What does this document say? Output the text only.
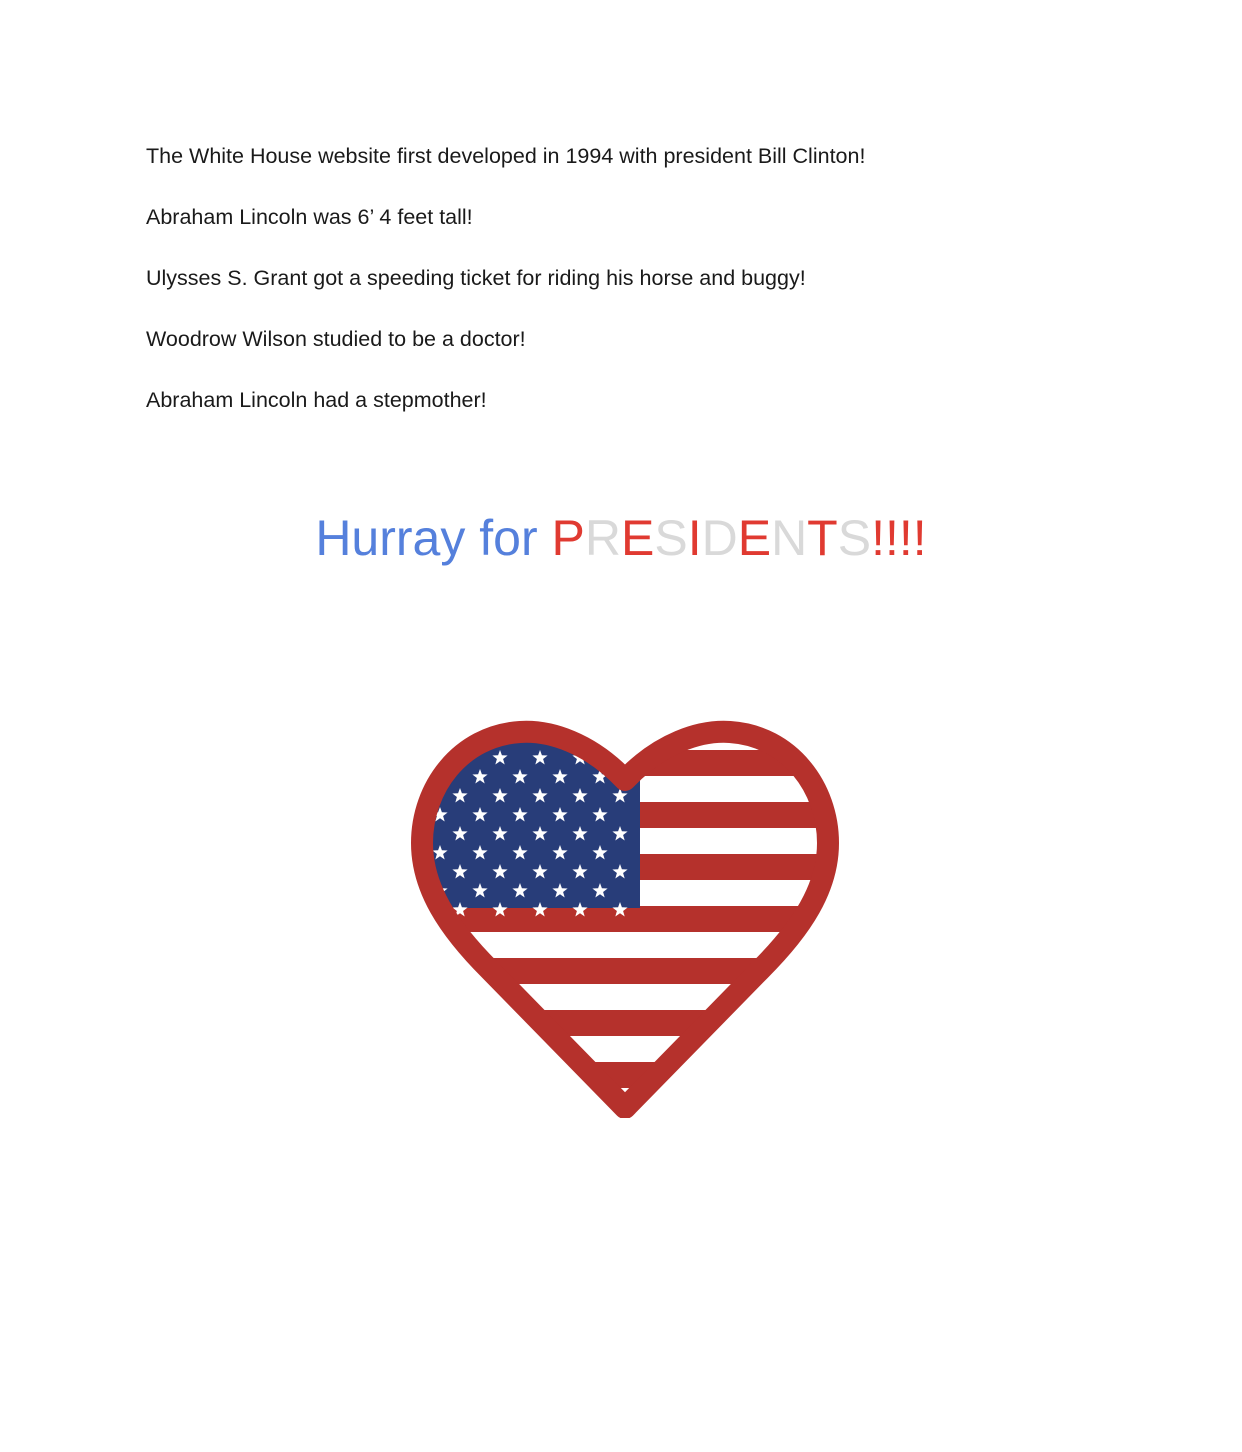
The White House website first developed in 1994 with president Bill Clinton!

Abraham Lincoln was 6’ 4 feet tall!

Ulysses S. Grant got a speeding ticket for riding his horse and buggy!

Woodrow Wilson studied to be a doctor!

Abraham Lincoln had a stepmother!

Hurray for PRESIDENTS!!!!
